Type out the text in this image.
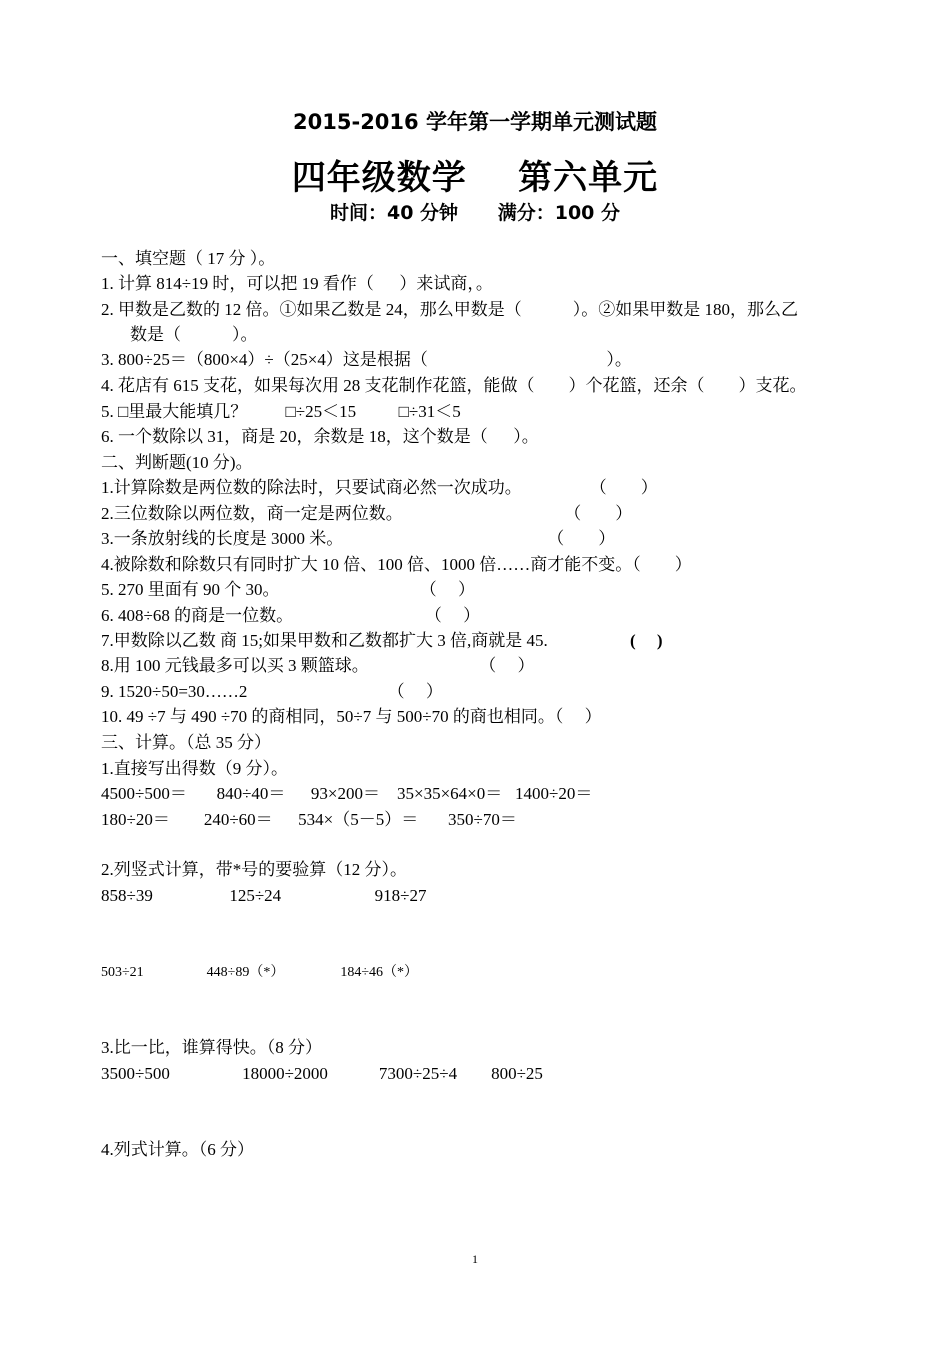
2015-2016 学年第一学期单元测试题
四年级数学    第六单元
时间：40 分钟      满分：100 分
一、填空题（ 17 分 ）。
1. 计算 814÷19 时，可以把 19 看作（      ）来试商，。
2. 甲数是乙数的 12 倍。①如果乙数是 24，那么甲数是（            ）。②如果甲数是 180，那么乙
数是（            ）。
3. 800÷25＝（800×4）÷（25×4）这是根据（                                          ）。
4. 花店有 615 支花，如果每次用 28 支花制作花篮，能做（        ）个花篮，还余（        ）支花。
5. □里最大能填几？         □÷25＜15          □÷31＜5
6. 一个数除以 31，商是 20，余数是 18，这个数是（      ）。
二、判断题(10 分)。
1.计算除数是两位数的除法时，只要试商必然一次成功。                （        ）
2.三位数除以两位数，商一定是两位数。                                      （        ）
3.一条放射线的长度是 3000 米。                                                （        ）
4.被除数和除数只有同时扩大 10 倍、100 倍、1000 倍……商才能不变。（        ）
5. 270 里面有 90 个 30。                                 （     ）
6. 408÷68 的商是一位数。                               （     ）
7.甲数除以乙数 商 15;如果甲数和乙数都扩大 3 倍,商就是 45.	(     )
8.用 100 元钱最多可以买 3 颗篮球。                          （     ）
9. 1520÷50=30……2                                 （     ）
10. 49 ÷7 与 490 ÷70 的商相同，50÷7 与 500÷70 的商也相同。（     ）
三、计算。（总 35 分）
1.直接写出得数（9 分）。
4500÷500＝       840÷40＝      93×200＝    35×35×64×0＝   1400÷20＝
180÷20＝        240÷60＝      534×（5－5）＝       350÷70＝
2.列竖式计算，带*号的要验算（12 分）。
858÷39                  125÷24                      918÷27
503÷21                  448÷89（*）                184÷46（*）
3.比一比，谁算得快。（8 分）
3500÷500                 18000÷2000            7300÷25÷4        800÷25
4.列式计算。（6 分）
1
